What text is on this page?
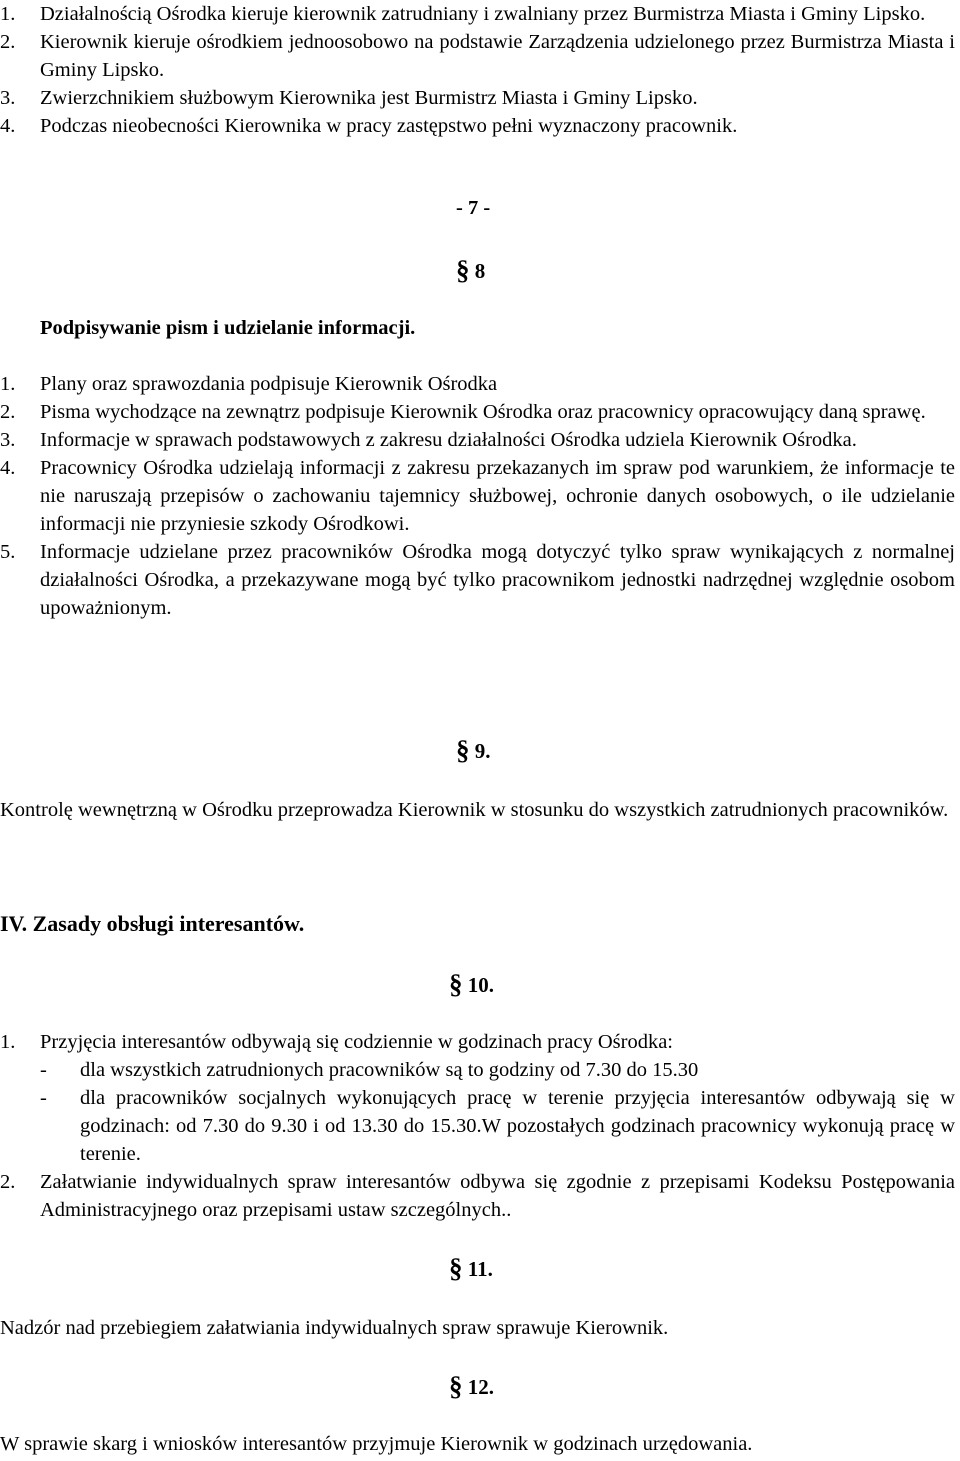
1. Działalnością Ośrodka kieruje kierownik zatrudniany i zwalniany przez Burmistrza Miasta i Gminy Lipsko.
2. Kierownik kieruje ośrodkiem jednoosobowo na podstawie Zarządzenia udzielonego przez Burmistrza Miasta i Gminy Lipsko.
3. Zwierzchnikiem służbowym Kierownika jest Burmistrz Miasta i Gminy Lipsko.
4. Podczas nieobecności Kierownika w pracy zastępstwo pełni wyznaczony pracownik.
- 7 -
§ 8
Podpisywanie pism i udzielanie informacji.
1. Plany oraz sprawozdania podpisuje Kierownik Ośrodka
2. Pisma wychodzące na zewnątrz podpisuje Kierownik Ośrodka oraz pracownicy opracowujący daną sprawę.
3. Informacje w sprawach podstawowych z zakresu działalności Ośrodka udziela Kierownik Ośrodka.
4. Pracownicy Ośrodka udzielają informacji z zakresu przekazanych im spraw pod warunkiem, że informacje te nie naruszają przepisów o zachowaniu tajemnicy służbowej, ochronie danych osobowych, o ile udzielanie informacji nie przyniesie szkody Ośrodkowi.
5. Informacje udzielane przez pracowników Ośrodka mogą dotyczyć tylko spraw wynikających z normalnej działalności Ośrodka, a przekazywane mogą być tylko pracownikom jednostki nadrzędnej względnie osobom upoważnionym.
§ 9.

Kontrolę wewnętrzną w Ośrodku przeprowadza Kierownik w stosunku do wszystkich zatrudnionych pracowników.

IV. Zasady obsługi interesantów.
§ 10.
1. Przyjęcia interesantów odbywają się codziennie w godzinach pracy Ośrodka:
- dla wszystkich zatrudnionych pracowników są to godziny od 7.30 do 15.30
- dla pracowników socjalnych wykonujących pracę w terenie przyjęcia interesantów odbywają się w godzinach: od 7.30 do 9.30 i od 13.30 do 15.30.W pozostałych godzinach pracownicy wykonują pracę w terenie.
2. Załatwianie indywidualnych spraw interesantów odbywa się zgodnie z przepisami Kodeksu Postępowania Administracyjnego oraz przepisami ustaw szczególnych..
§ 11.

Nadzór nad przebiegiem załatwiania indywidualnych spraw sprawuje Kierownik.

§ 12.

W sprawie skarg i wniosków interesantów przyjmuje Kierownik w godzinach urzędowania.
